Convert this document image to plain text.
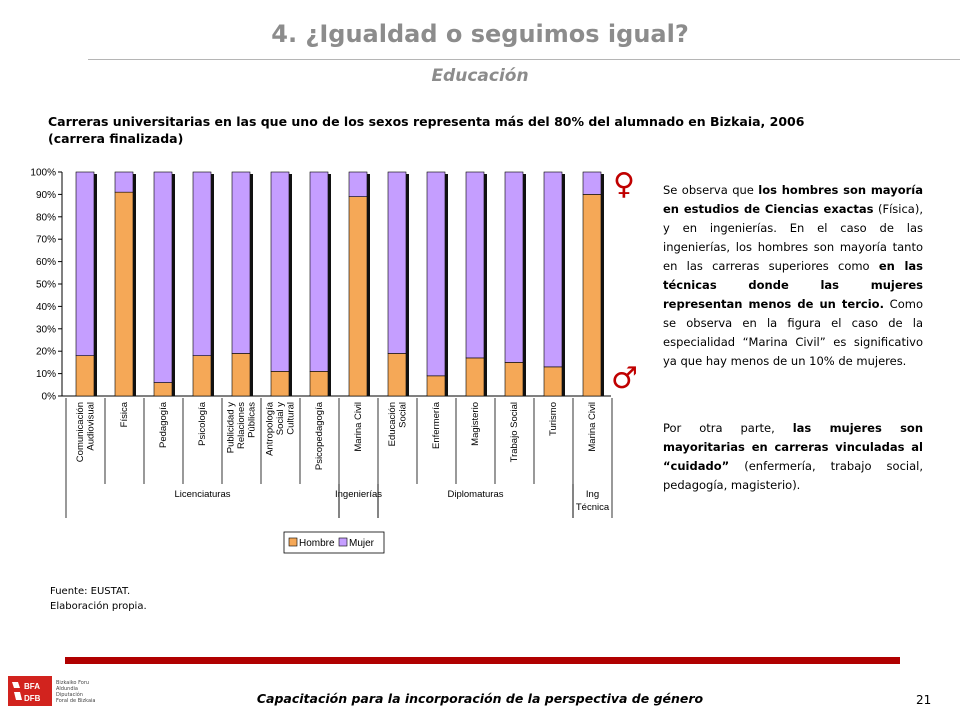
4. ¿Igualdad o seguimos igual?
Educación
Carreras universitarias en las que uno de los sexos representa más del 80% del alumnado en Bizkaia, 2006
(carrera finalizada)
0%
10%
20%
30%
40%
50%
60%
70%
80%
90%
100%
Comunicación Audiovisual Física	Pedagogía	Psicología Publicidad y Relaciones Públicas Antropología Social y Cultural Psicopedagogía	Marina Civil Educación Social Enfermería	Magisterio	Trabajo Social	Turismo	Marina Civil
Licenciaturas	Ingenierías	Diplomaturas	Ing
Técnica
Hombre Mujer
♀
♂

Se observa que los hombres son mayoría en estudios de Ciencias exactas (Física), y en ingenierías. En el caso de las ingenierías, los hombres son mayoría tanto en las carreras superiores como en las técnicas donde las mujeres representan menos de un tercio. Como se observa en la figura el caso de la especialidad “Marina Civil” es significativo ya que hay menos de un 10% de mujeres.

Por otra parte, las mujeres son mayoritarias en carreras vinculadas al “cuidado” (enfermería, trabajo social, pedagogía, magisterio).

Fuente: EUSTAT.
Elaboración propia.
BFA
DFB
Bizkaiko Foru
Aldundia
Diputación
Foral de Bizkaia	Capacitación para la incorporación de la perspectiva de género	21
